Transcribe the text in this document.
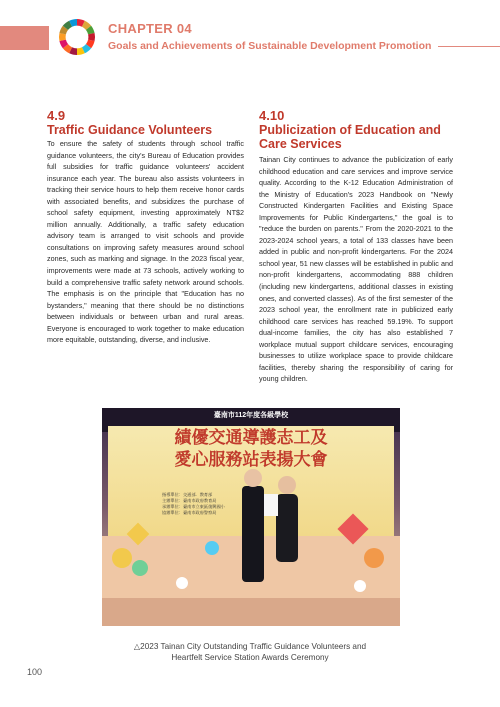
CHAPTER 04
Goals and Achievements of Sustainable Development Promotion
4.9
Traffic Guidance Volunteers
To ensure the safety of students through school traffic guidance volunteers, the city's Bureau of Education provides full subsidies for traffic guidance volunteers' accident insurance each year. The bureau also assists volunteers in tracking their service hours to help them receive honor cards with associated benefits, and subsidizes the purchase of school safety equipment, investing approximately NT$2 million annually. Additionally, a traffic safety education advisory team is arranged to visit schools and provide consultations on improving safety measures around school zones, such as marking and signage. In the 2023 fiscal year, improvements were made at 73 schools, actively working to build a comprehensive traffic safety network around schools. The emphasis is on the principle that "Education has no bystanders," meaning that there should be no distinctions between individuals or between urban and rural areas. Everyone is encouraged to work together to make education more equitable, outstanding, diverse, and inclusive.
4.10
Publicization of Education and Care Services
Tainan City continues to advance the publicization of early childhood education and care services and improve service quality. According to the K-12 Education Administration of the Ministry of Education's 2023 Handbook on "Newly Constructed Kindergarten Facilities and Existing Space Improvements for Public Kindergartens," the goal is to "reduce the burden on parents." From the 2020-2021 to the 2023-2024 school years, a total of 133 classes have been added in public and non-profit kindergartens. For the 2024 school year, 51 new classes will be established in public and non-profit kindergartens, accommodating 888 children (including new kindergartens, additional classes in existing ones, and converted classes). As of the first semester of the 2023 school year, the enrollment rate in publicized early childhood care services has reached 59.19%. To support dual-income families, the city has also established 7 workplace mutual support childcare services, encouraging businesses to utilize workplace space to provide childcare facilities, thereby sharing the responsibility of caring for young children.
臺南市112年度各級學校
績優交通導護志工及
愛心服務站表揚大會
指導單位：交通部．教育部
主辦單位：臺南市政府教育局
承辦單位：臺南市立東區復興國小
協辦單位：臺南市政府警察局
△2023 Tainan City Outstanding Traffic Guidance Volunteers and
Heartfelt Service Station Awards Ceremony
100
